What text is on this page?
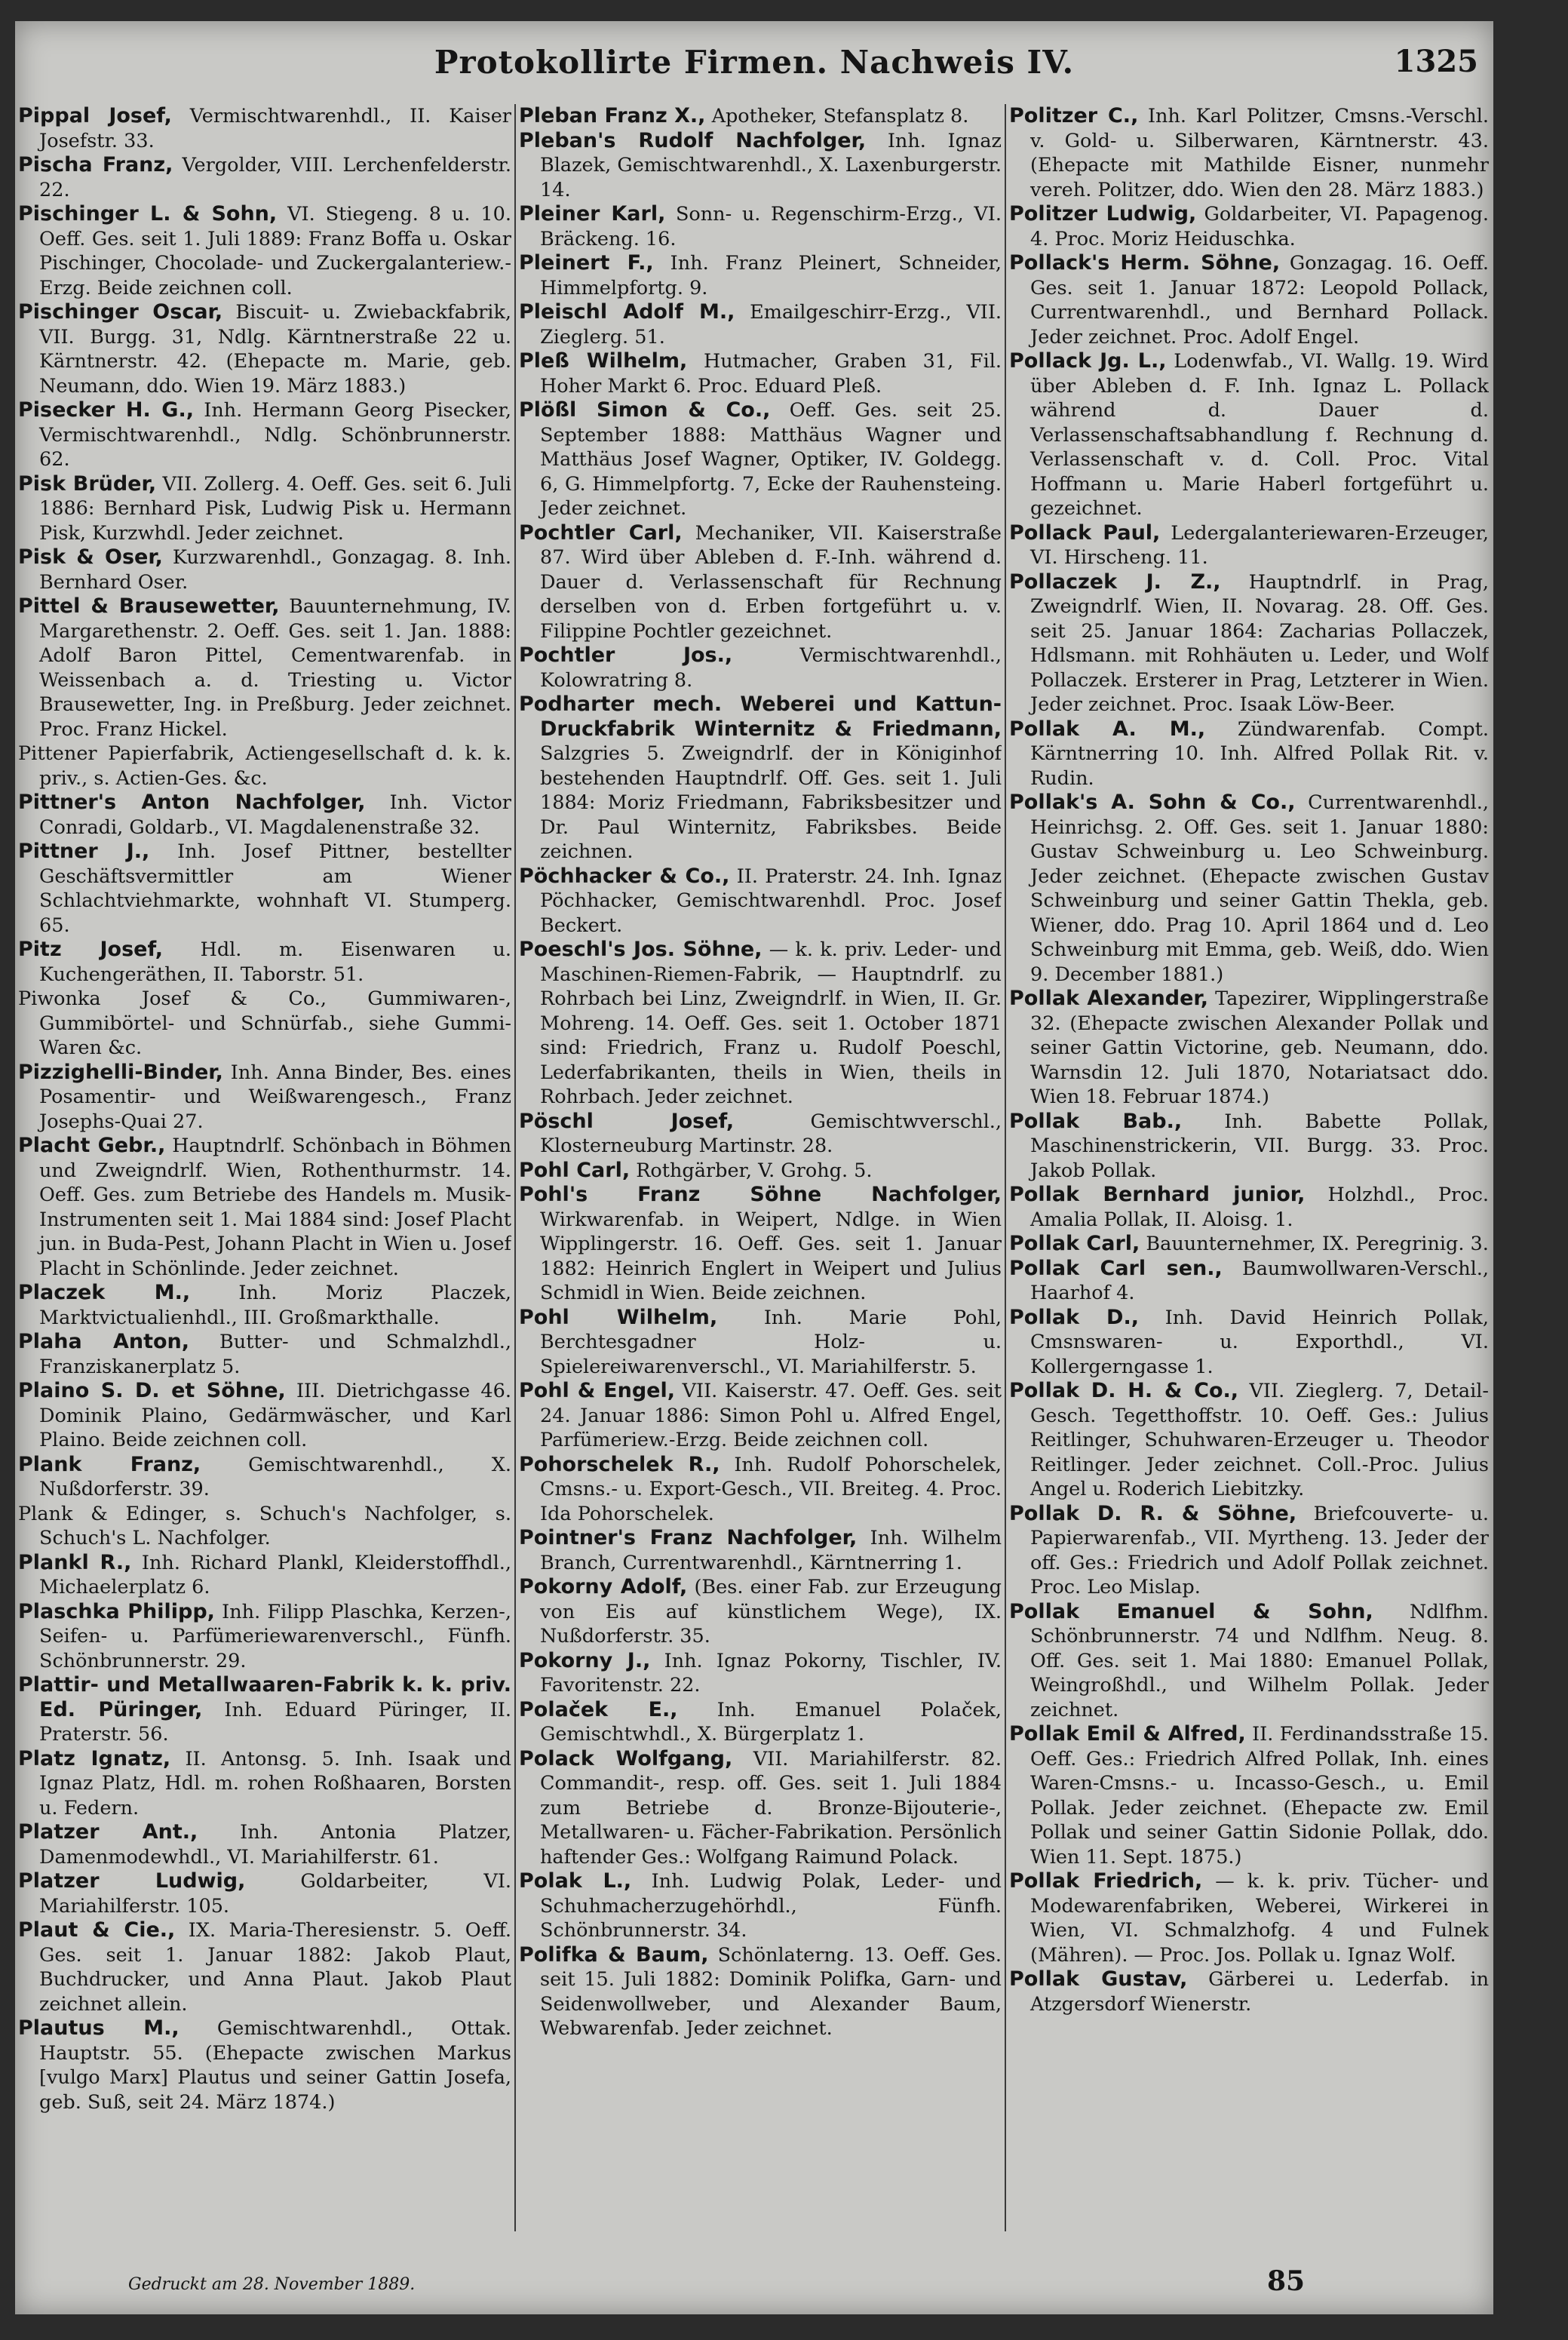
Protokollirte Firmen. Nachweis IV.	1325

Pippal Josef, Vermischtwarenhdl., II. Kaiser Josefstr. 33.

Pischa Franz, Vergolder, VIII. Lerchenfelderstr. 22.

Pischinger L. & Sohn, VI. Stiegeng. 8 u. 10. Oeff. Ges. seit 1. Juli 1889: Franz Boffa u. Oskar Pischinger, Chocolade- und Zuckergalanteriew.-Erzg. Beide zeichnen coll.

Pischinger Oscar, Biscuit- u. Zwiebackfabrik, VII. Burgg. 31, Ndlg. Kärntnerstraße 22 u. Kärntnerstr. 42. (Ehepacte m. Marie, geb. Neumann, ddo. Wien 19. März 1883.)

Pisecker H. G., Inh. Hermann Georg Pisecker, Vermischtwarenhdl., Ndlg. Schönbrunnerstr. 62.

Pisk Brüder, VII. Zollerg. 4. Oeff. Ges. seit 6. Juli 1886: Bernhard Pisk, Ludwig Pisk u. Hermann Pisk, Kurzwhdl. Jeder zeichnet.

Pisk & Oser, Kurzwarenhdl., Gonzagag. 8. Inh. Bernhard Oser.

Pittel & Brausewetter, Bauunternehmung, IV. Margarethenstr. 2. Oeff. Ges. seit 1. Jan. 1888: Adolf Baron Pittel, Cementwarenfab. in Weissenbach a. d. Triesting u. Victor Brausewetter, Ing. in Preßburg. Jeder zeichnet. Proc. Franz Hickel.

Pittener Papierfabrik, Actiengesellschaft d. k. k. priv., s. Actien-Ges. &c.

Pittner's Anton Nachfolger, Inh. Victor Conradi, Goldarb., VI. Magdalenenstraße 32.

Pittner J., Inh. Josef Pittner, bestellter Geschäftsvermittler am Wiener Schlachtviehmarkte, wohnhaft VI. Stumperg. 65.

Pitz Josef, Hdl. m. Eisenwaren u. Kuchengeräthen, II. Taborstr. 51.

Piwonka Josef & Co., Gummiwaren-, Gummibörtel- und Schnürfab., siehe Gummi-Waren &c.

Pizzighelli-Binder, Inh. Anna Binder, Bes. eines Posamentir- und Weißwarengesch., Franz Josephs-Quai 27.

Placht Gebr., Hauptndrlf. Schönbach in Böhmen und Zweigndrlf. Wien, Rothenthurmstr. 14. Oeff. Ges. zum Betriebe des Handels m. Musik-Instrumenten seit 1. Mai 1884 sind: Josef Placht jun. in Buda-Pest, Johann Placht in Wien u. Josef Placht in Schönlinde. Jeder zeichnet.

Placzek M.,	Inh. Moriz Placzek, Marktvictualienhdl., III. Großmarkthalle.

Plaha Anton, Butter- und Schmalzhdl., Franziskanerplatz 5.

Plaino S. D. et Söhne, III. Dietrichgasse 46. Dominik Plaino, Gedärmwäscher, und Karl Plaino. Beide zeichnen coll.

Plank Franz, Gemischtwarenhdl., X. Nußdorferstr. 39.

Plank & Edinger, s. Schuch's Nachfolger, s. Schuch's L. Nachfolger.

Plankl R., Inh. Richard Plankl, Kleiderstoffhdl., Michaelerplatz 6.

Plaschka Philipp, Inh. Filipp Plaschka, Kerzen-, Seifen- u. Parfümeriewarenverschl., Fünfh. Schönbrunnerstr. 29.

Plattir- und Metallwaaren-Fabrik k. k. priv. Ed. Püringer, Inh. Eduard Püringer, II. Praterstr. 56.

Platz Ignatz, II. Antonsg. 5. Inh. Isaak und Ignaz Platz, Hdl. m. rohen Roßhaaren, Borsten u. Federn.

Platzer Ant., Inh. Antonia Platzer, Damenmodewhdl., VI. Mariahilferstr. 61.

Platzer Ludwig,	Goldarbeiter, VI. Mariahilferstr. 105.

Plaut & Cie., IX. Maria-Theresienstr. 5. Oeff. Ges. seit 1. Januar 1882: Jakob Plaut, Buchdrucker, und Anna Plaut. Jakob Plaut zeichnet allein.

Plautus M., Gemischtwarenhdl., Ottak. Hauptstr. 55. (Ehepacte zwischen Markus [vulgo Marx] Plautus und seiner Gattin Josefa, geb. Suß, seit 24. März 1874.)

Pleban Franz X., Apotheker, Stefansplatz 8.

Pleban's Rudolf Nachfolger, Inh. Ignaz Blazek, Gemischtwarenhdl., X. Laxenburgerstr. 14.

Pleiner Karl, Sonn- u. Regenschirm-Erzg., VI. Bräckeng. 16.

Pleinert F., Inh. Franz Pleinert, Schneider, Himmelpfortg. 9.

Pleischl Adolf M., Emailgeschirr-Erzg., VII. Zieglerg. 51.

Pleß Wilhelm, Hutmacher, Graben 31, Fil. Hoher Markt 6. Proc. Eduard Pleß.

Plößl Simon & Co., Oeff. Ges. seit 25. September 1888: Matthäus Wagner und Matthäus Josef Wagner, Optiker, IV. Goldegg. 6, G. Himmelpfortg. 7, Ecke der Rauhensteing. Jeder zeichnet.

Pochtler Carl, Mechaniker, VII. Kaiserstraße 87. Wird über Ableben d. F.-Inh. während d. Dauer d. Verlassenschaft für Rechnung derselben von d. Erben fortgeführt u. v. Filippine Pochtler gezeichnet.

Pochtler Jos.,	Vermischtwarenhdl., Kolowratring 8.

Podharter mech. Weberei und Kattun-Druckfabrik Winternitz & Friedmann, Salzgries 5. Zweigndrlf. der in Königinhof bestehenden Hauptndrlf. Off. Ges. seit 1. Juli 1884: Moriz Friedmann, Fabriksbesitzer und Dr. Paul Winternitz, Fabriksbes. Beide zeichnen.

Pöchhacker & Co., II. Praterstr. 24. Inh. Ignaz Pöchhacker, Gemischtwarenhdl. Proc. Josef Beckert.

Poeschl's Jos. Söhne, — k. k. priv. Leder- und Maschinen-Riemen-Fabrik, — Hauptndrlf. zu Rohrbach bei Linz, Zweigndrlf. in Wien, II. Gr. Mohreng. 14. Oeff. Ges. seit 1. October 1871 sind: Friedrich, Franz u. Rudolf Poeschl, Lederfabrikanten, theils in Wien, theils in Rohrbach. Jeder zeichnet.

Pöschl Josef,	Gemischtwverschl., Klosterneuburg Martinstr. 28.

Pohl Carl, Rothgärber, V. Grohg. 5.

Pohl's Franz Söhne Nachfolger, Wirkwarenfab. in Weipert, Ndlge. in Wien Wipplingerstr. 16. Oeff. Ges. seit 1. Januar 1882: Heinrich Englert in Weipert und Julius Schmidl in Wien. Beide zeichnen.

Pohl Wilhelm, Inh. Marie Pohl, Berchtesgadner Holz- u. Spielereiwarenverschl., VI. Mariahilferstr. 5.

Pohl & Engel, VII. Kaiserstr. 47. Oeff. Ges. seit 24. Januar 1886: Simon Pohl u. Alfred Engel, Parfümeriew.-Erzg. Beide zeichnen coll.

Pohorschelek R., Inh. Rudolf Pohorschelek, Cmsns.- u. Export-Gesch., VII. Breiteg. 4. Proc. Ida Pohorschelek.

Pointner's Franz Nachfolger, Inh. Wilhelm Branch, Currentwarenhdl., Kärntnerring 1.

Pokorny Adolf, (Bes. einer Fab. zur Erzeugung von Eis auf künstlichem Wege), IX. Nußdorferstr. 35.

Pokorny J., Inh. Ignaz Pokorny, Tischler, IV. Favoritenstr. 22.

Polaček E., Inh. Emanuel Polaček, Gemischtwhdl., X. Bürgerplatz 1.

Polack Wolfgang, VII. Mariahilferstr. 82. Commandit-, resp. off. Ges. seit 1. Juli 1884 zum Betriebe d. Bronze-Bijouterie-, Metallwaren- u. Fächer-Fabrikation. Persönlich haftender Ges.: Wolfgang Raimund Polack.

Polak L., Inh. Ludwig Polak, Leder- und Schuhmacherzugehörhdl., Fünfh. Schönbrunnerstr. 34.

Polifka & Baum, Schönlaterng. 13. Oeff. Ges. seit 15. Juli 1882: Dominik Polifka, Garn- und Seidenwollweber, und Alexander Baum, Webwarenfab. Jeder zeichnet.

Politzer C., Inh. Karl Politzer, Cmsns.-Verschl. v. Gold- u. Silberwaren, Kärntnerstr. 43. (Ehepacte mit Mathilde Eisner, nunmehr vereh. Politzer, ddo. Wien den 28. März 1883.)

Politzer Ludwig, Goldarbeiter, VI. Papagenog. 4. Proc. Moriz Heiduschka.

Pollack's Herm. Söhne, Gonzagag. 16. Oeff. Ges. seit 1. Januar 1872: Leopold Pollack, Currentwarenhdl., und Bernhard Pollack. Jeder zeichnet. Proc. Adolf Engel.

Pollack Jg. L., Lodenwfab., VI. Wallg. 19. Wird über Ableben d. F. Inh. Ignaz L. Pollack während d. Dauer d. Verlassenschaftsabhandlung f. Rechnung d. Verlassenschaft v. d. Coll. Proc. Vital Hoffmann u. Marie Haberl fortgeführt u. gezeichnet.

Pollack Paul, Ledergalanteriewaren-Erzeuger, VI. Hirscheng. 11.

Pollaczek J. Z., Hauptndrlf. in Prag, Zweigndrlf. Wien, II. Novarag. 28. Off. Ges. seit 25. Januar 1864: Zacharias Pollaczek, Hdlsmann. mit Rohhäuten u. Leder, und Wolf Pollaczek. Ersterer in Prag, Letzterer in Wien. Jeder zeichnet. Proc. Isaak Löw-Beer.

Pollak A. M., Zündwarenfab. Compt. Kärntnerring 10. Inh. Alfred Pollak Rit. v. Rudin.

Pollak's A. Sohn & Co., Currentwarenhdl., Heinrichsg. 2. Off. Ges. seit 1. Januar 1880: Gustav Schweinburg u. Leo Schweinburg. Jeder zeichnet. (Ehepacte zwischen Gustav Schweinburg und seiner Gattin Thekla, geb. Wiener, ddo. Prag 10. April 1864 und d. Leo Schweinburg mit Emma, geb. Weiß, ddo. Wien 9. December 1881.)

Pollak Alexander, Tapezirer, Wipplingerstraße 32. (Ehepacte zwischen Alexander Pollak und seiner Gattin Victorine, geb. Neumann, ddo. Warnsdin 12. Juli 1870, Notariatsact ddo. Wien 18. Februar 1874.)

Pollak Bab., Inh. Babette Pollak, Maschinenstrickerin, VII. Burgg. 33. Proc. Jakob Pollak.

Pollak Bernhard junior, Holzhdl., Proc. Amalia Pollak, II. Aloisg. 1.

Pollak Carl, Bauunternehmer, IX. Peregrinig. 3.

Pollak Carl sen., Baumwollwaren-Verschl., Haarhof 4.

Pollak D., Inh. David Heinrich Pollak, Cmsnswaren- u. Exporthdl., VI. Kollergerngasse 1.

Pollak D. H. & Co., VII. Zieglerg. 7, Detail-Gesch. Tegetthoffstr. 10. Oeff. Ges.: Julius Reitlinger, Schuhwaren-Erzeuger u. Theodor Reitlinger. Jeder zeichnet. Coll.-Proc. Julius Angel u. Roderich Liebitzky.

Pollak D. R. & Söhne, Briefcouverte- u. Papierwarenfab., VII. Myrtheng. 13. Jeder der off. Ges.: Friedrich und Adolf Pollak zeichnet. Proc. Leo Mislap.

Pollak Emanuel & Sohn, Ndlfhm. Schönbrunnerstr. 74 und Ndlfhm. Neug. 8. Off. Ges. seit 1. Mai 1880: Emanuel Pollak, Weingroßhdl., und Wilhelm Pollak. Jeder zeichnet.

Pollak Emil & Alfred, II. Ferdinandsstraße 15. Oeff. Ges.: Friedrich Alfred Pollak, Inh. eines Waren-Cmsns.- u. Incasso-Gesch., u. Emil Pollak. Jeder zeichnet. (Ehepacte zw. Emil Pollak und seiner Gattin Sidonie Pollak, ddo. Wien 11. Sept. 1875.)

Pollak Friedrich, — k. k. priv. Tücher- und Modewarenfabriken, Weberei, Wirkerei in Wien, VI. Schmalzhofg. 4 und Fulnek (Mähren). — Proc. Jos. Pollak u. Ignaz Wolf.

Pollak Gustav, Gärberei u. Lederfab. in Atzgersdorf Wienerstr.

Gedruckt am 28. November 1889.	85
